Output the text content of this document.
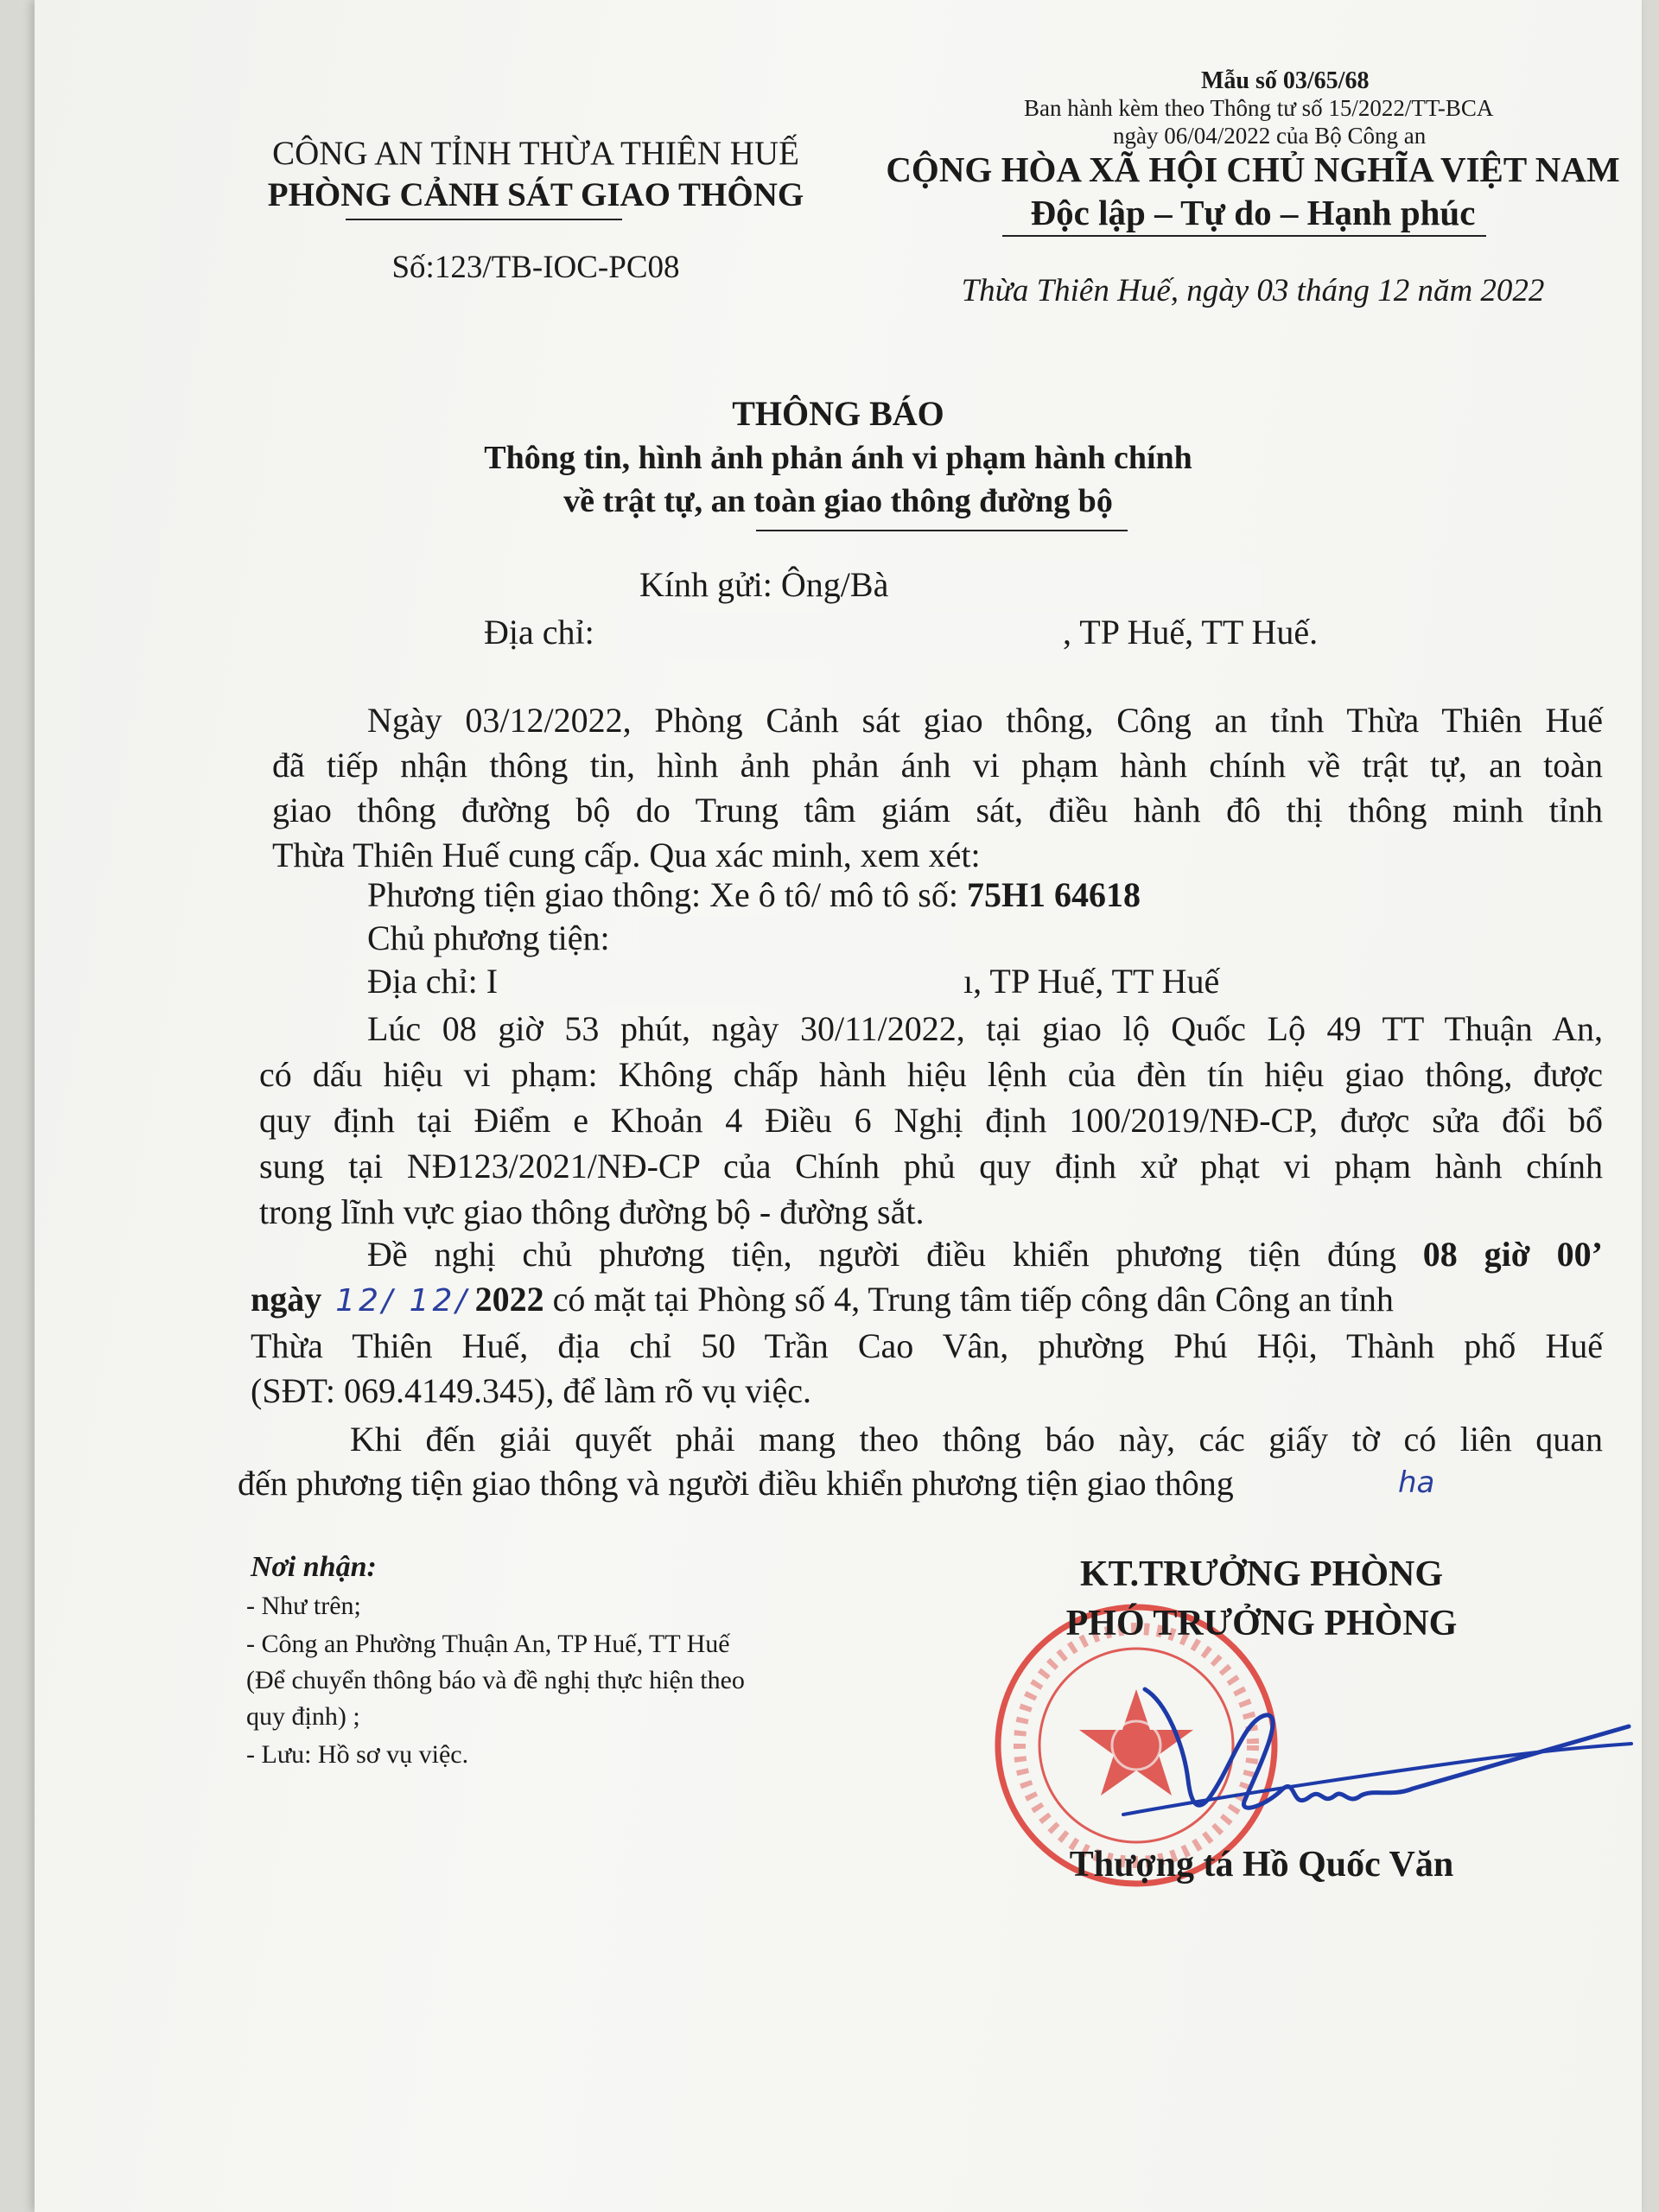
Mẫu số 03/65/68
Ban hành kèm theo Thông tư số 15/2022/TT-BCA
ngày 06/04/2022 của Bộ Công an
CÔNG AN TỈNH THỪA THIÊN HUẾ
PHÒNG CẢNH SÁT GIAO THÔNG
Số:123/TB-IOC-PC08
CỘNG HÒA XÃ HỘI CHỦ NGHĨA VIỆT NAM
Độc lập – Tự do – Hạnh phúc
Thừa Thiên Huế, ngày 03 tháng 12 năm 2022
THÔNG BÁO
Thông tin, hình ảnh phản ánh vi phạm hành chính
về trật tự, an toàn giao thông đường bộ
Kính gửi: Ông/Bà
Địa chỉ:	, TP Huế, TT Huế.
Ngày 03/12/2022, Phòng Cảnh sát giao thông, Công an tỉnh Thừa Thiên Huế
đã tiếp nhận thông tin, hình ảnh phản ánh vi phạm hành chính về trật tự, an toàn
giao thông đường bộ do Trung tâm giám sát, điều hành đô thị thông minh tỉnh
Thừa Thiên Huế cung cấp. Qua xác minh, xem xét:
Phương tiện giao thông: Xe ô tô/ mô tô số: 75H1 64618
Chủ phương tiện:
Địa chỉ: I	ı, TP Huế, TT Huế
Lúc 08 giờ 53 phút, ngày 30/11/2022, tại giao lộ Quốc Lộ 49 TT Thuận An,
có dấu hiệu vi phạm: Không chấp hành hiệu lệnh của đèn tín hiệu giao thông, được
quy định tại Điểm e Khoản 4 Điều 6 Nghị định 100/2019/NĐ-CP, được sửa đổi bổ
sung tại NĐ123/2021/NĐ-CP của Chính phủ quy định xử phạt vi phạm hành chính
trong lĩnh vực giao thông đường bộ - đường sắt.
Đề nghị chủ phương tiện, người điều khiển phương tiện đúng 08 giờ 00’
ngày 12/ 12/ 2022 có mặt tại Phòng số 4, Trung tâm tiếp công dân Công an tỉnh
Thừa Thiên Huế, địa chỉ 50 Trần Cao Vân, phường Phú Hội, Thành phố Huế
(SĐT: 069.4149.345), để làm rõ vụ việc.
Khi đến giải quyết phải mang theo thông báo này, các giấy tờ có liên quan
đến phương tiện giao thông và người điều khiển phương tiện giao thông	ha
Nơi nhận:
- Như trên;
- Công an Phường Thuận An, TP Huế, TT Huế
(Để chuyển thông báo và đề nghị thực hiện theo
quy định) ;
- Lưu: Hồ sơ vụ việc.
KT.TRƯỞNG PHÒNG
PHÓ TRƯỞNG PHÒNG
Thượng tá Hồ Quốc Văn
